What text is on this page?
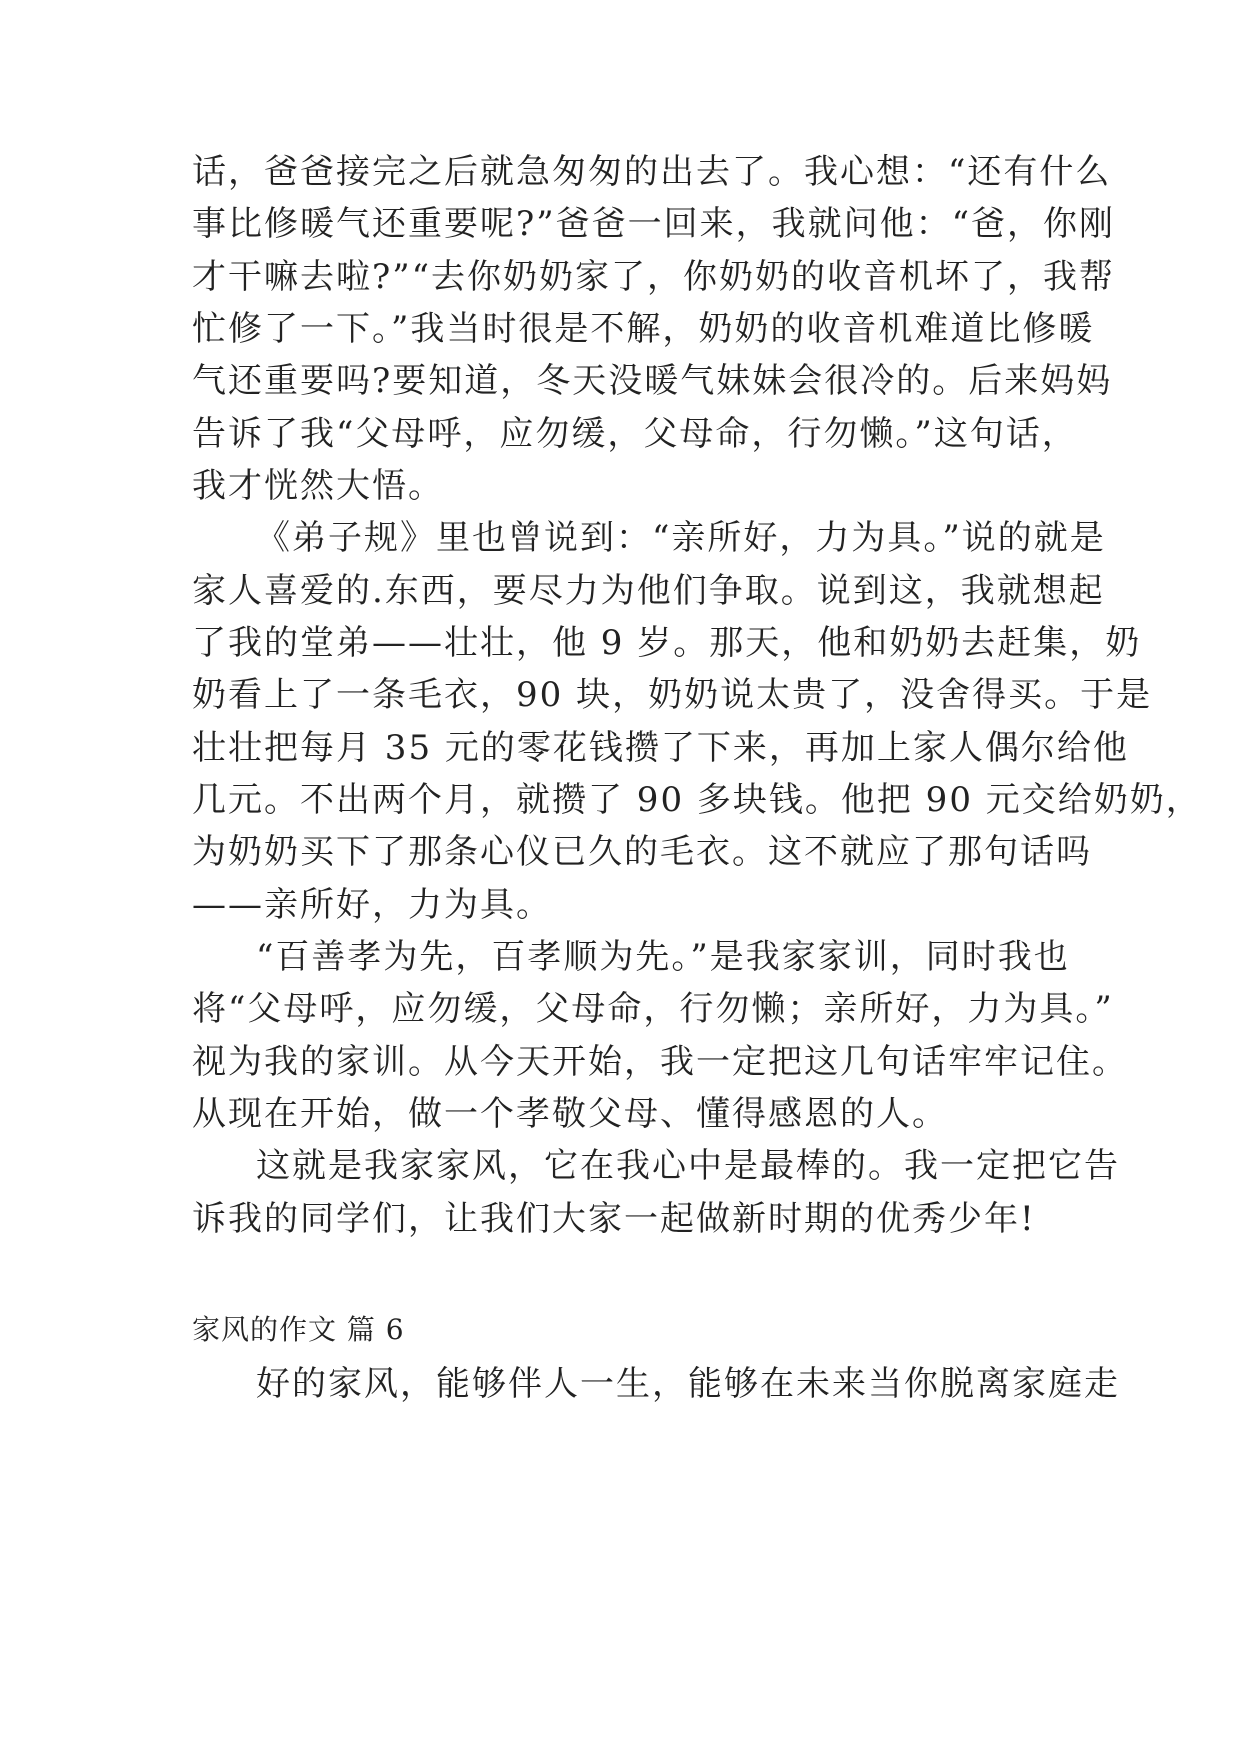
话，爸爸接完之后就急匆匆的出去了。我心想：“还有什么
事比修暖气还重要呢?”爸爸一回来，我就问他：“爸，你刚
才干嘛去啦?”“去你奶奶家了，你奶奶的收音机坏了，我帮
忙修了一下。”我当时很是不解，奶奶的收音机难道比修暖
气还重要吗?要知道，冬天没暖气妹妹会很冷的。后来妈妈
告诉了我“父母呼，应勿缓，父母命，行勿懒。”这句话，
我才恍然大悟。
《弟子规》里也曾说到：“亲所好，力为具。”说的就是
家人喜爱的.东西，要尽力为他们争取。说到这，我就想起
了我的堂弟——壮壮，他 9 岁。那天，他和奶奶去赶集，奶
奶看上了一条毛衣，90 块，奶奶说太贵了，没舍得买。于是
壮壮把每月 35 元的零花钱攒了下来，再加上家人偶尔给他
几元。不出两个月，就攒了 90 多块钱。他把 90 元交给奶奶，
为奶奶买下了那条心仪已久的毛衣。这不就应了那句话吗
——亲所好，力为具。
“百善孝为先，百孝顺为先。”是我家家训，同时我也
将“父母呼，应勿缓，父母命，行勿懒；亲所好，力为具。”
视为我的家训。从今天开始，我一定把这几句话牢牢记住。
从现在开始，做一个孝敬父母、懂得感恩的人。
这就是我家家风，它在我心中是最棒的。我一定把它告
诉我的同学们，让我们大家一起做新时期的优秀少年!
家风的作文 篇 6
好的家风，能够伴人一生，能够在未来当你脱离家庭走
